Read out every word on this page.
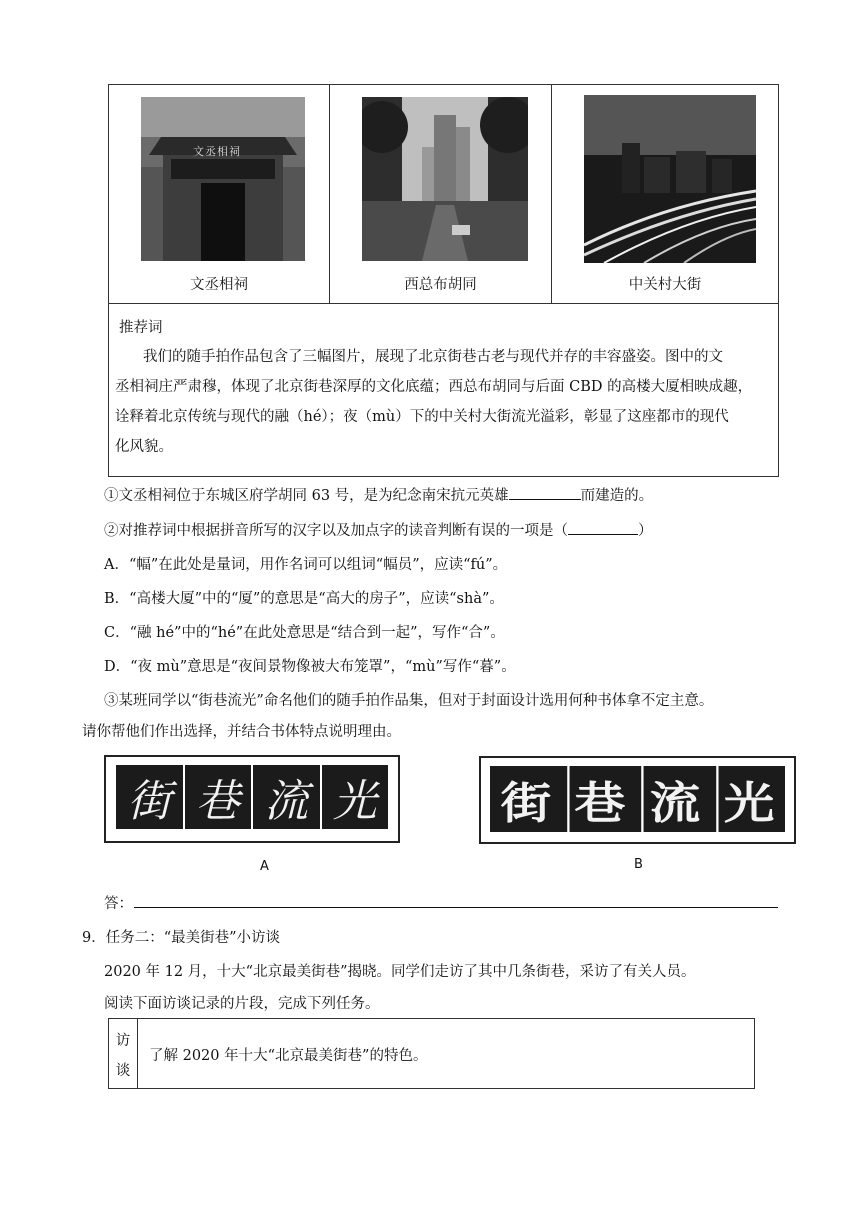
文丞相祠
文丞相祠	西总布胡同	中关村大街
推荐词
我们的随手拍作品包含了三幅图片，展现了北京街巷古老与现代并存的丰容盛姿。图中的文
丞相祠庄严肃穆，体现了北京街巷深厚的文化底蕴；西总布胡同与后面 CBD 的高楼大厦相映成趣，
诠释着北京传统与现代的融（hé）；夜（mù）下的中关村大街流光溢彩，彰显了这座都市的现代
化风貌。
①文丞相祠位于东城区府学胡同 63 号，是为纪念南宋抗元英雄	而建造的。
②对推荐词中根据拼音所写的汉字以及加点字的读音判断有误的一项是（	）
A．“幅”在此处是量词，用作名词可以组词“幅员”，应读“fú”。
B．“高楼大厦”中的“厦”的意思是“高大的房子”，应读“shà”。
C．“融 hé”中的“hé”在此处意思是“结合到一起”，写作“合”。
D．“夜 mù”意思是“夜间景物像被大布笼罩”，“mù”写作“暮”。
③某班同学以“街巷流光”命名他们的随手拍作品集，但对于封面设计选用何种书体拿不定主意。
请你帮他们作出选择，并结合书体特点说明理由。
街 巷 流 光
A
街 巷 流 光
B
答：
9．任务二：“最美街巷”小访谈
2020 年 12 月，十大“北京最美街巷”揭晓。同学们走访了其中几条街巷，采访了有关人员。
阅读下面访谈记录的片段，完成下列任务。
访
谈
了解 2020 年十大“北京最美街巷”的特色。
